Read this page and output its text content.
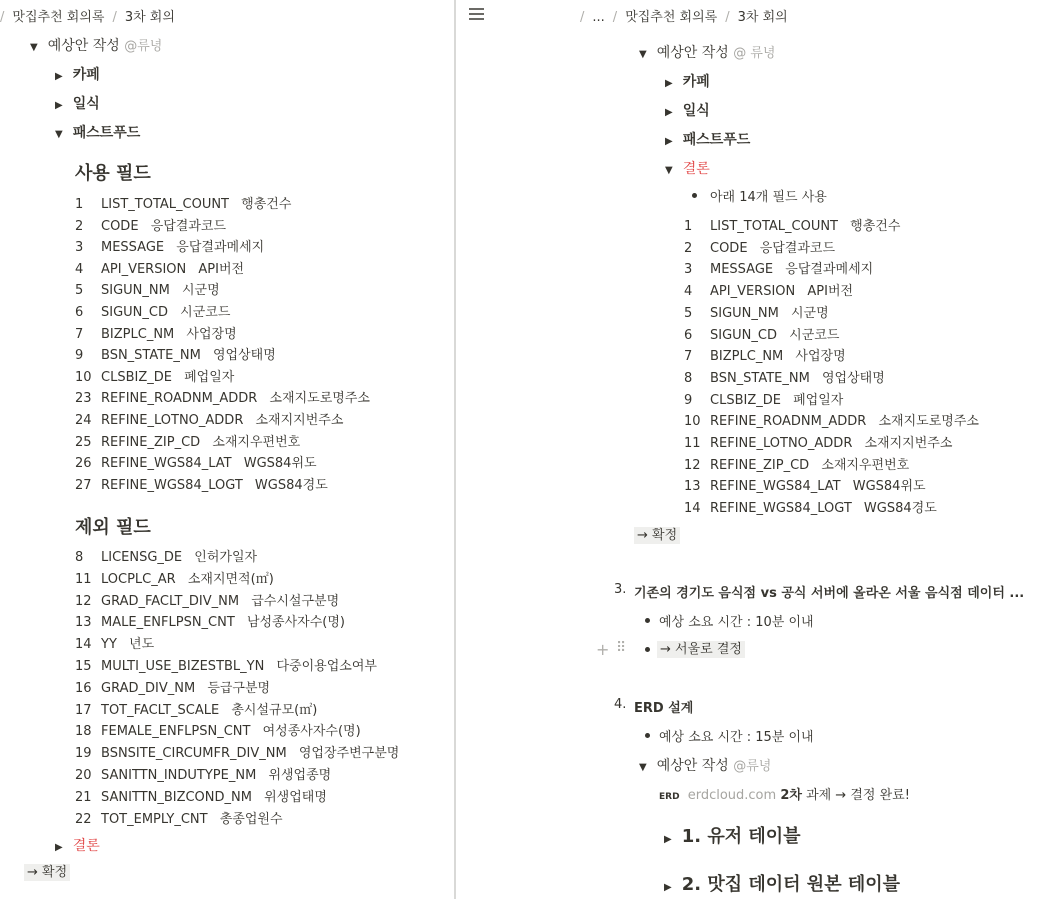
/ 맛집추천 회의록 / 3차 회의
▼ 예상안 작성 @류녕
▶ 카페
▶ 일식
▼ 패스트푸드
사용 필드
1 LIST_TOTAL_COUNT 행총건수
2 CODE 응답결과코드
3 MESSAGE 응답결과메세지
4 API_VERSION API버전
5 SIGUN_NM 시군명
6 SIGUN_CD 시군코드
7 BIZPLC_NM 사업장명
9 BSN_STATE_NM 영업상태명
10 CLSBIZ_DE 폐업일자
23 REFINE_ROADNM_ADDR 소재지도로명주소
24 REFINE_LOTNO_ADDR 소재지지번주소
25 REFINE_ZIP_CD 소재지우편번호
26 REFINE_WGS84_LAT WGS84위도
27 REFINE_WGS84_LOGT WGS84경도
제외 필드
8 LICENSG_DE 인허가일자
11 LOCPLC_AR 소재지면적(㎡)
12 GRAD_FACLT_DIV_NM 급수시설구분명
13 MALE_ENFLPSN_CNT 남성종사자수(명)
14 YY 년도
15 MULTI_USE_BIZESTBL_YN 다중이용업소여부
16 GRAD_DIV_NM 등급구분명
17 TOT_FACLT_SCALE 총시설규모(㎡)
18 FEMALE_ENFLPSN_CNT 여성종사자수(명)
19 BSNSITE_CIRCUMFR_DIV_NM 영업장주변구분명
20 SANITTN_INDUTYPE_NM 위생업종명
21 SANITTN_BIZCOND_NM 위생업태명
22 TOT_EMPLY_CNT 총종업원수
▶ 결론
→ 확정
/ ... / 맛집추천 회의록 / 3차 회의
▼ 예상안 작성 @ 류녕
▶ 카페
▶ 일식
▶ 패스트푸드
▼ 결론
아래 14개 필드 사용
1 LIST_TOTAL_COUNT 행총건수
2 CODE 응답결과코드
3 MESSAGE 응답결과메세지
4 API_VERSION API버전
5 SIGUN_NM 시군명
6 SIGUN_CD 시군코드
7 BIZPLC_NM 사업장명
8 BSN_STATE_NM 영업상태명
9 CLSBIZ_DE 폐업일자
10 REFINE_ROADNM_ADDR 소재지도로명주소
11 REFINE_LOTNO_ADDR 소재지지번주소
12 REFINE_ZIP_CD 소재지우편번호
13 REFINE_WGS84_LAT WGS84위도
14 REFINE_WGS84_LOGT WGS84경도
→ 확정
3. 기존의 경기도 음식점 vs 공식 서버에 올라온 서울 음식점 데이터 ...
예상 소요 시간 : 10분 이내
+ ⠿	→ 서울로 결정
4. ERD 설계
예상 소요 시간 : 15분 이내
▼ 예상안 작성 @류녕
ERD erdcloud.com 2차 과제 → 결정 완료!
▶ 1. 유저 테이블
▶ 2. 맛집 데이터 원본 테이블
